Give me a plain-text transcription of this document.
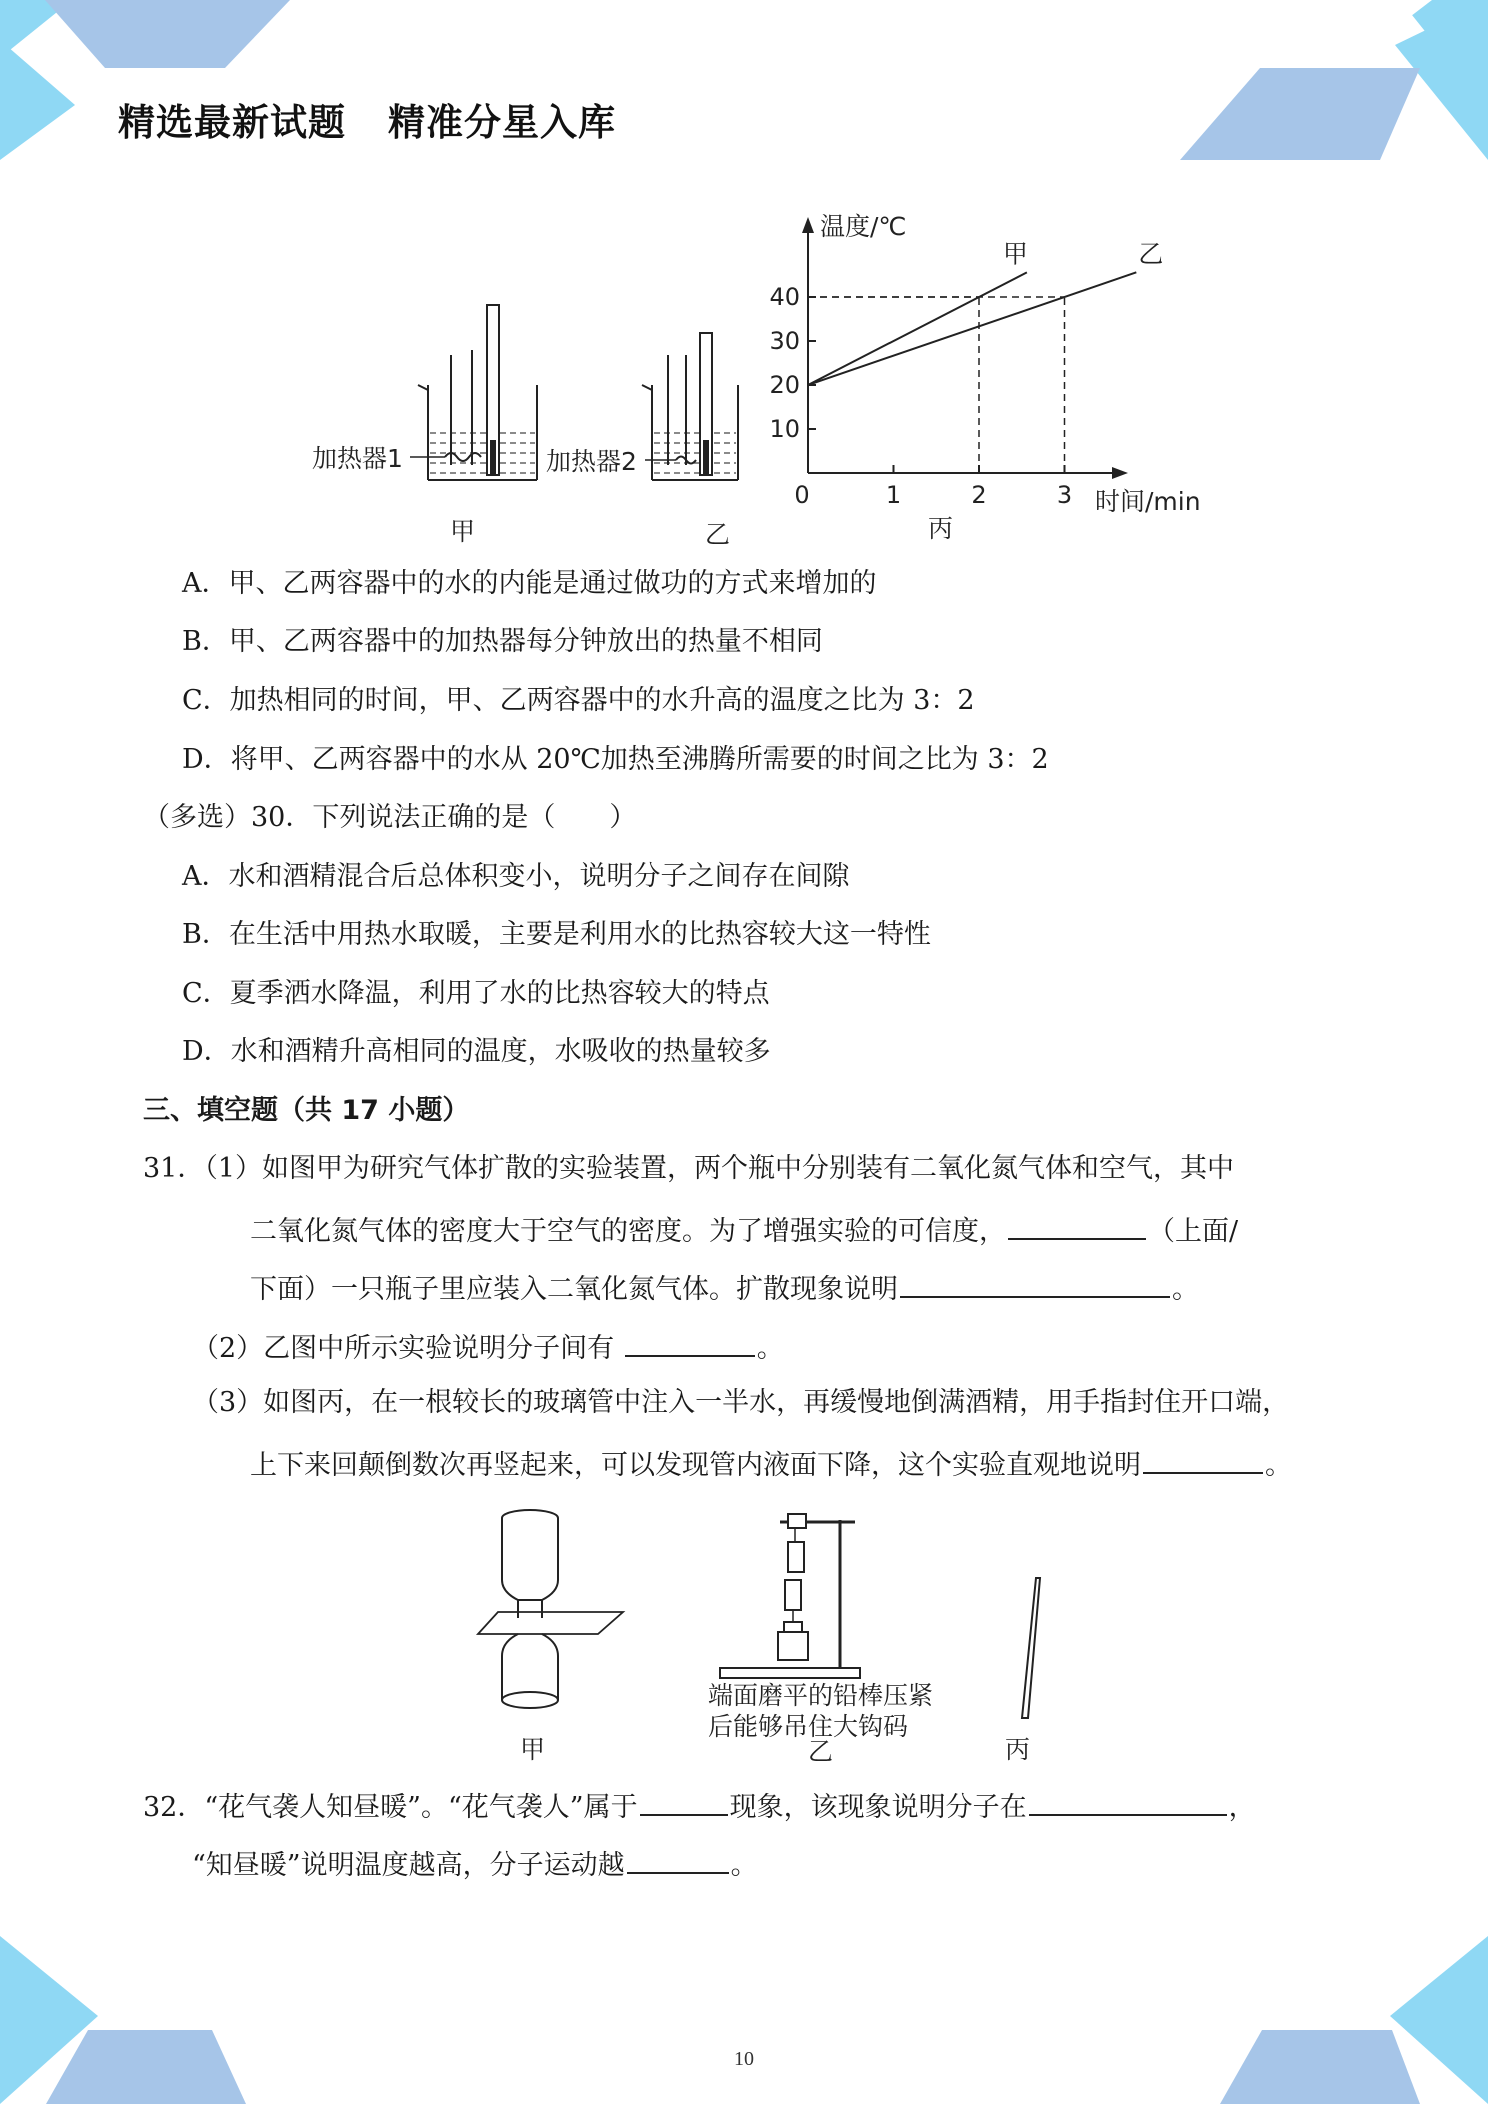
精选最新试题 精准分星入库
加热器1
甲
加热器2
乙
10
20
30
40
0	1	2	3
甲	乙
温度/℃
时间/min
丙
A．甲、乙两容器中的水的内能是通过做功的方式来增加的
B．甲、乙两容器中的加热器每分钟放出的热量不相同
C．加热相同的时间，甲、乙两容器中的水升高的温度之比为 3：2
D．将甲、乙两容器中的水从 20℃加热至沸腾所需要的时间之比为 3：2
（多选）30．下列说法正确的是（　　）
A．水和酒精混合后总体积变小，说明分子之间存在间隙
B．在生活中用热水取暖，主要是利用水的比热容较大这一特性
C．夏季洒水降温，利用了水的比热容较大的特点
D．水和酒精升高相同的温度，水吸收的热量较多
三、填空题（共 17 小题）
31．（1）如图甲为研究气体扩散的实验装置，两个瓶中分别装有二氧化氮气体和空气，其中
二氧化氮气体的密度大于空气的密度。为了增强实验的可信度，	（上面/
下面）一只瓶子里应装入二氧化氮气体。扩散现象说明	。
（2）乙图中所示实验说明分子间有	。
（3）如图丙，在一根较长的玻璃管中注入一半水，再缓慢地倒满酒精，用手指封住开口端，
上下来回颠倒数次再竖起来，可以发现管内液面下降，这个实验直观地说明	。
甲
端面磨平的铅棒压紧
后能够吊住大钩码
乙	丙
32．“花气袭人知昼暖”。“花气袭人”属于	现象，该现象说明分子在	，
“知昼暖”说明温度越高，分子运动越	。
10
